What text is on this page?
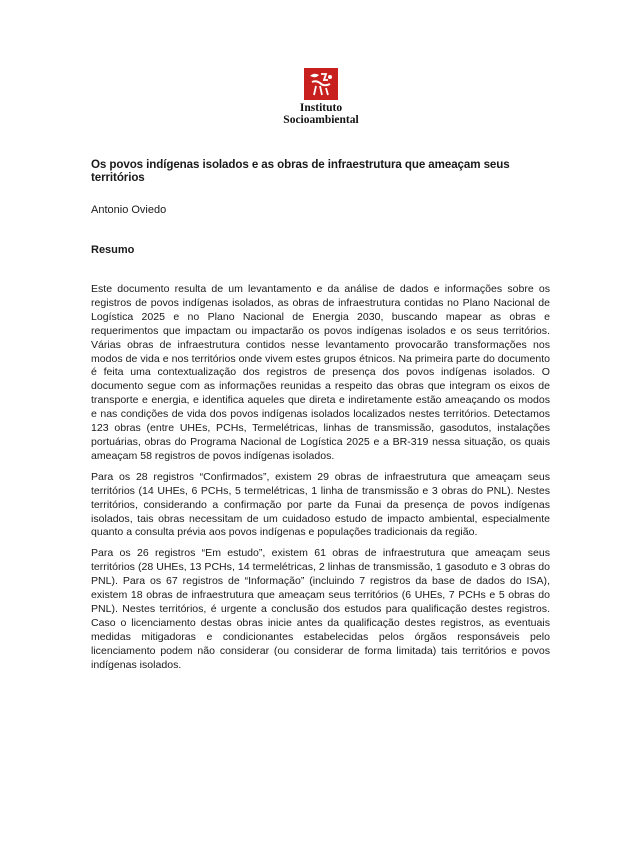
Instituto
Socioambiental
Os povos indígenas isolados e as obras de infraestrutura que ameaçam seus territórios
Antonio Oviedo
Resumo

Este documento resulta de um levantamento e da análise de dados e informações sobre os registros de povos indígenas isolados, as obras de infraestrutura contidas no Plano Nacional de Logística 2025 e no Plano Nacional de Energia 2030, buscando mapear as obras e requerimentos que impactam ou impactarão os povos indígenas isolados e os seus territórios. Várias obras de infraestrutura contidos nesse levantamento provocarão transformações nos modos de vida e nos territórios onde vivem estes grupos étnicos. Na primeira parte do documento é feita uma contextualização dos registros de presença dos povos indígenas isolados. O documento segue com as informações reunidas a respeito das obras que integram os eixos de transporte e energia, e identifica aqueles que direta e indiretamente estão ameaçando os modos e nas condições de vida dos povos indígenas isolados localizados nestes territórios. Detectamos 123 obras (entre UHEs, PCHs, Termelétricas, linhas de transmissão, gasodutos, instalações portuárias, obras do Programa Nacional de Logística 2025 e a BR-319 nessa situação, os quais ameaçam 58 registros de povos indígenas isolados.

Para os 28 registros “Confirmados”, existem 29 obras de infraestrutura que ameaçam seus territórios (14 UHEs, 6 PCHs, 5 termelétricas, 1 linha de transmissão e 3 obras do PNL). Nestes territórios, considerando a confirmação por parte da Funai da presença de povos indígenas isolados, tais obras necessitam de um cuidadoso estudo de impacto ambiental, especialmente quanto a consulta prévia aos povos indígenas e populações tradicionais da região.

Para os 26 registros “Em estudo”, existem 61 obras de infraestrutura que ameaçam seus territórios (28 UHEs, 13 PCHs, 14 termelétricas, 2 linhas de transmissão, 1 gasoduto e 3 obras do PNL). Para os 67 registros de “Informação” (incluindo 7 registros da base de dados do ISA), existem 18 obras de infraestrutura que ameaçam seus territórios (6 UHEs, 7 PCHs e 5 obras do PNL). Nestes territórios, é urgente a conclusão dos estudos para qualificação destes registros. Caso o licenciamento destas obras inicie antes da qualificação destes registros, as eventuais medidas mitigadoras e condicionantes estabelecidas pelos órgãos responsáveis pelo licenciamento podem não considerar (ou considerar de forma limitada) tais territórios e povos indígenas isolados.
